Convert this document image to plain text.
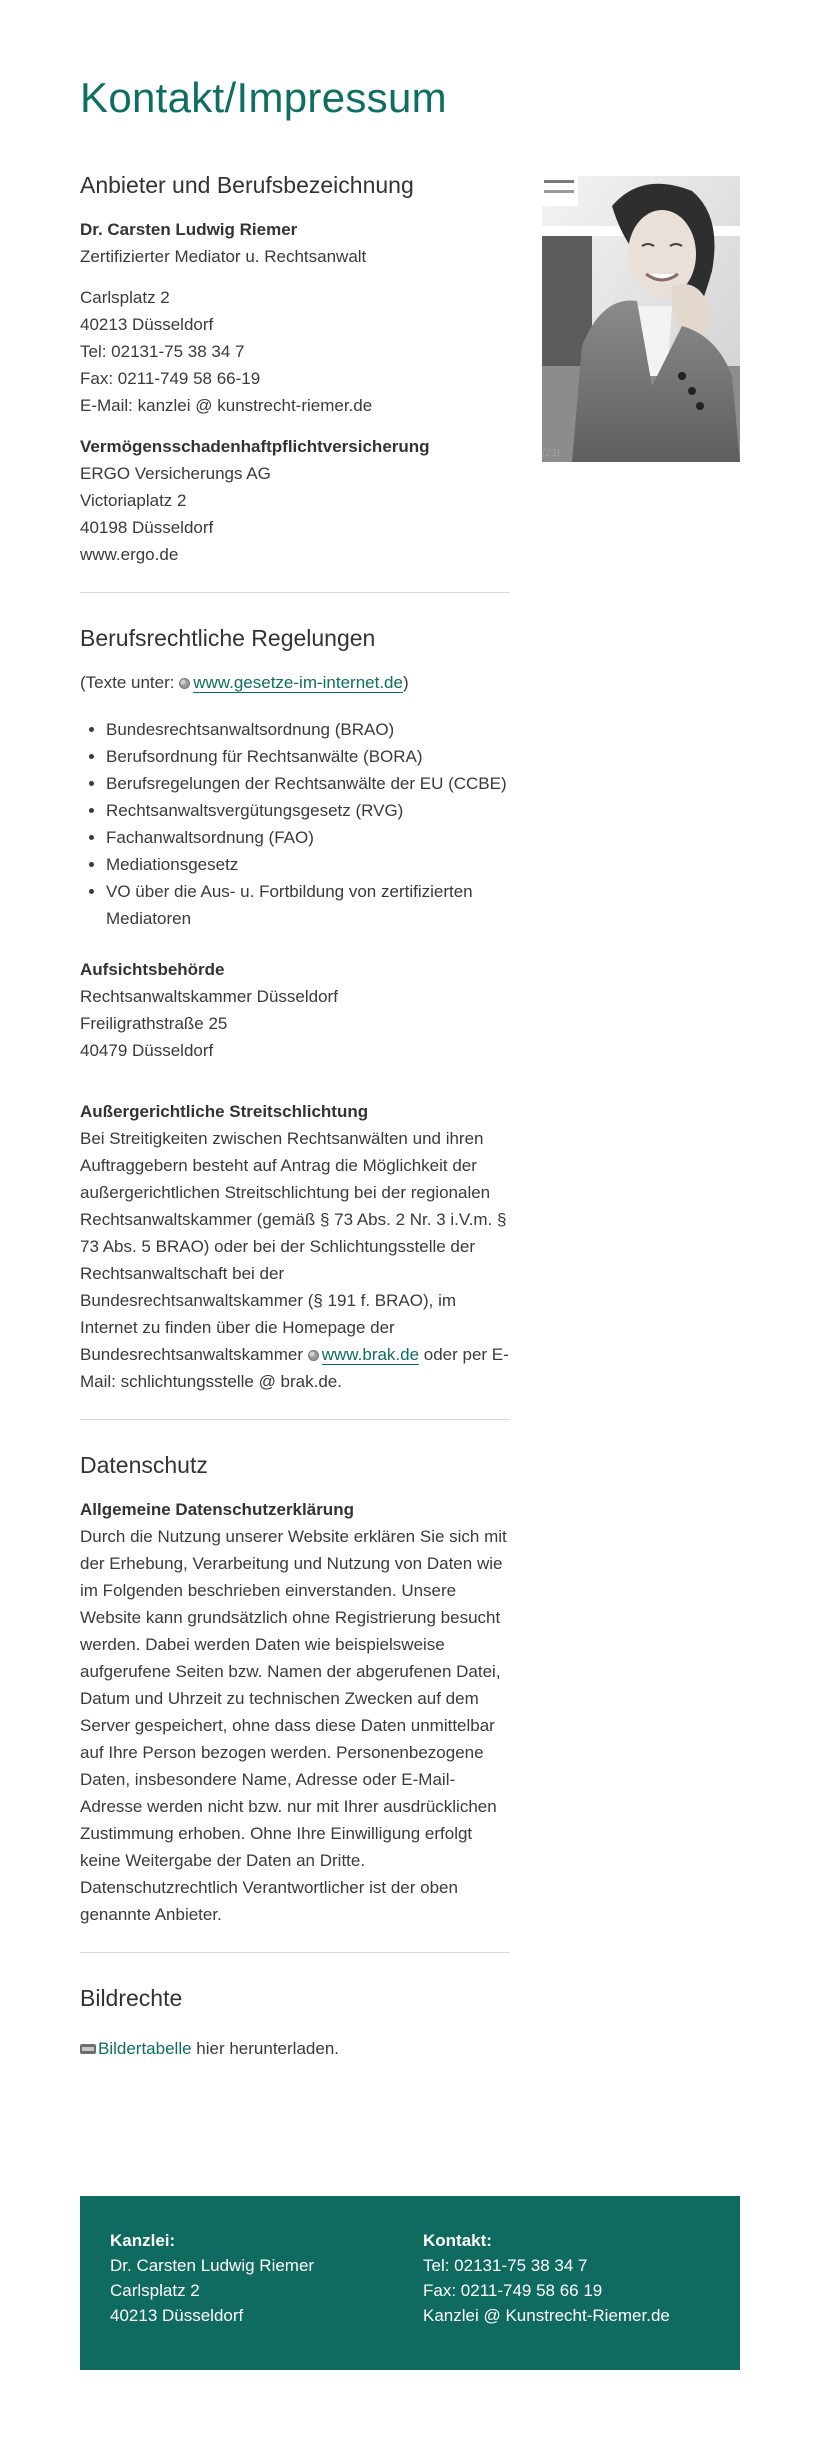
Kontakt/Impressum
(23)
Anbieter und Berufsbezeichnung

Dr. Carsten Ludwig Riemer

Zertifizierter Mediator u. Rechtsanwalt

Carlsplatz 2

40213 Düsseldorf

Tel: 02131-75 38 34 7

Fax: 0211-749 58 66-19

E-Mail: kanzlei @ kunstrecht-riemer.de

Vermögensschadenhaftpflichtversicherung

ERGO Versicherungs AG

Victoriaplatz 2

40198 Düsseldorf

www.ergo.de

Berufsrechtliche Regelungen

(Texte unter: www.gesetze-im-internet.de)

• Bundesrechtsanwaltsordnung (BRAO)
• Berufsordnung für Rechtsanwälte (BORA)
• Berufsregelungen der Rechtsanwälte der EU (CCBE)
• Rechtsanwaltsvergütungsgesetz (RVG)
• Fachanwaltsordnung (FAO)
• Mediationsgesetz
• VO über die Aus- u. Fortbildung von zertifizierten Mediatoren

Aufsichtsbehörde

Rechtsanwaltskammer Düsseldorf

Freiligrathstraße 25

40479 Düsseldorf

Außergerichtliche Streitschlichtung

Bei Streitigkeiten zwischen Rechtsanwälten und ihren Auftraggebern besteht auf Antrag die Möglichkeit der außergerichtlichen Streitschlichtung bei der regionalen Rechtsanwaltskammer (gemäß § 73 Abs. 2 Nr. 3 i.V.m. § 73 Abs. 5 BRAO) oder bei der Schlichtungsstelle der Rechtsanwaltschaft bei der Bundesrechtsanwaltskammer (§ 191 f. BRAO), im Internet zu finden über die Homepage der Bundesrechtsanwaltskammer www.brak.de oder per E-Mail: schlichtungsstelle @ brak.de.

Datenschutz

Allgemeine Datenschutzerklärung

Durch die Nutzung unserer Website erklären Sie sich mit der Erhebung, Verarbeitung und Nutzung von Daten wie im Folgenden beschrieben einverstanden. Unsere Website kann grundsätzlich ohne Registrierung besucht werden. Dabei werden Daten wie beispielsweise aufgerufene Seiten bzw. Namen der abgerufenen Datei, Datum und Uhrzeit zu technischen Zwecken auf dem Server gespeichert, ohne dass diese Daten unmittelbar auf Ihre Person bezogen werden. Personenbezogene Daten, insbesondere Name, Adresse oder E-Mail-Adresse werden nicht bzw. nur mit Ihrer ausdrücklichen Zustimmung erhoben. Ohne Ihre Einwilligung erfolgt keine Weitergabe der Daten an Dritte. Datenschutzrechtlich Verantwortlicher ist der oben genannte Anbieter.

Bildrechte

Bildertabelle hier herunterladen.

Kanzlei:
Dr. Carsten Ludwig Riemer
Carlsplatz 2
40213 Düsseldorf
Kontakt:
Tel: 02131-75 38 34 7
Fax: 0211-749 58 66 19
Kanzlei @ Kunstrecht-Riemer.de
